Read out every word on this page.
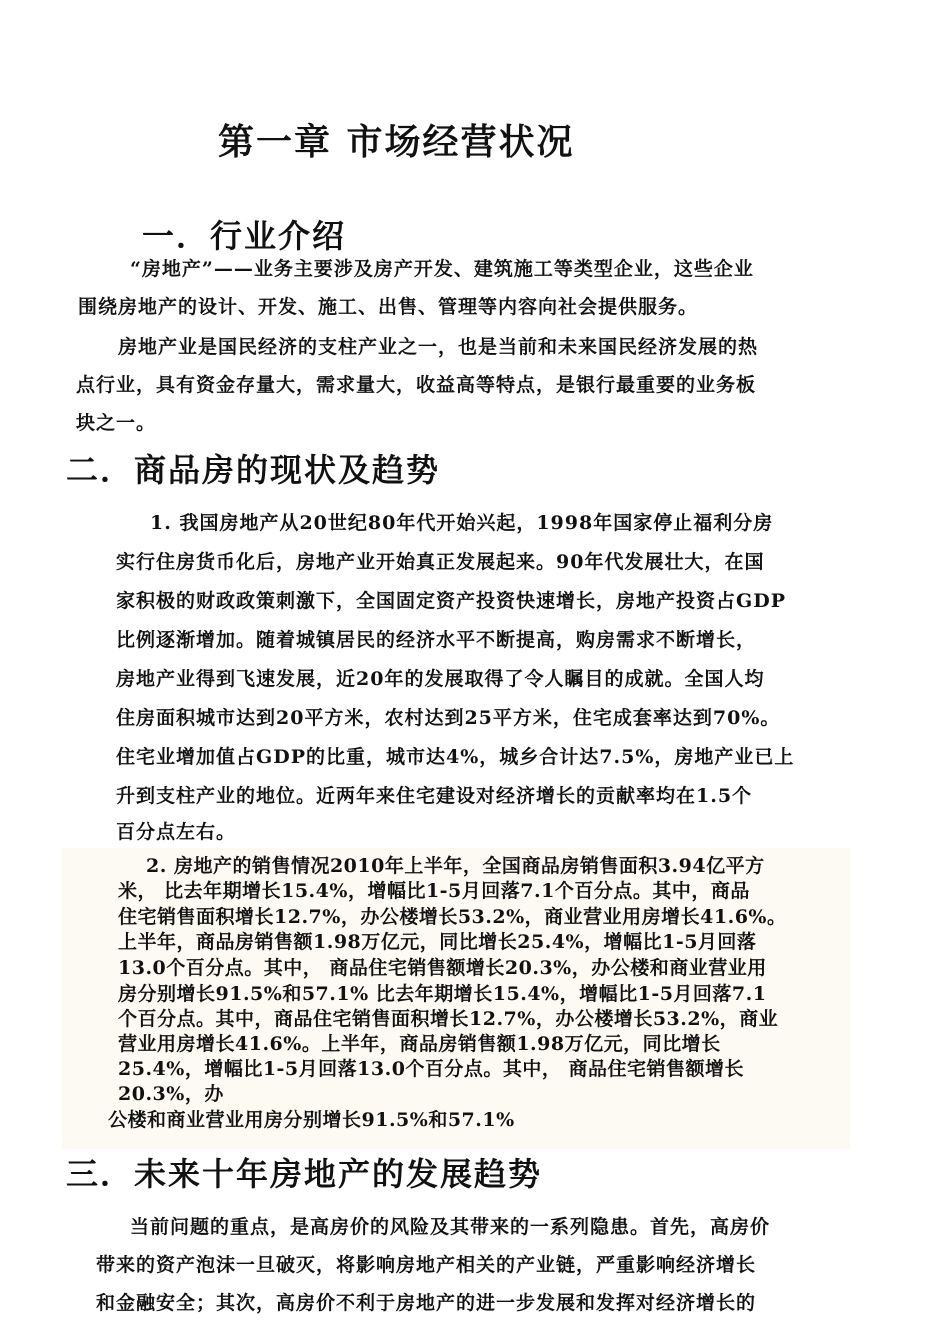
第一章 市场经营状况
一．行业介绍
“房地产”——业务主要涉及房产开发、建筑施工等类型企业，这些企业
围绕房地产的设计、开发、施工、出售、管理等内容向社会提供服务。
房地产业是国民经济的支柱产业之一，也是当前和未来国民经济发展的热
点行业，具有资金存量大，需求量大，收益高等特点，是银行最重要的业务板
块之一。
二．商品房的现状及趋势
1. 我国房地产从20世纪80年代开始兴起，1998年国家停止福利分房
实行住房货币化后，房地产业开始真正发展起来。90年代发展壮大，在国
家积极的财政政策刺激下，全国固定资产投资快速增长，房地产投资占GDP
比例逐渐增加。随着城镇居民的经济水平不断提高，购房需求不断增长，
房地产业得到飞速发展，近20年的发展取得了令人瞩目的成就。全国人均
住房面积城市达到20平方米，农村达到25平方米，住宅成套率达到70%。
住宅业增加值占GDP的比重，城市达4%，城乡合计达7.5%，房地产业已上
升到支柱产业的地位。近两年来住宅建设对经济增长的贡献率均在1.5个
百分点左右。
2. 房地产的销售情况2010年上半年，全国商品房销售面积3.94亿平方
米， 比去年期增长15.4%，增幅比1-5月回落7.1个百分点。其中，商品
住宅销售面积增长12.7%，办公楼增长53.2%，商业营业用房增长41.6%。
上半年，商品房销售额1.98万亿元，同比增长25.4%，增幅比1-5月回落
13.0个百分点。其中， 商品住宅销售额增长20.3%，办公楼和商业营业用
房分别增长91.5%和57.1% 比去年期增长15.4%，增幅比1-5月回落7.1
个百分点。其中，商品住宅销售面积增长12.7%，办公楼增长53.2%，商业
营业用房增长41.6%。上半年，商品房销售额1.98万亿元，同比增长
25.4%，增幅比1-5月回落13.0个百分点。其中， 商品住宅销售额增长
20.3%，办
公楼和商业营业用房分别增长91.5%和57.1%
三．未来十年房地产的发展趋势
当前问题的重点，是高房价的风险及其带来的一系列隐患。首先，高房价
带来的资产泡沫一旦破灭，将影响房地产相关的产业链，严重影响经济增长
和金融安全；其次，高房价不利于房地产的进一步发展和发挥对经济增长的
